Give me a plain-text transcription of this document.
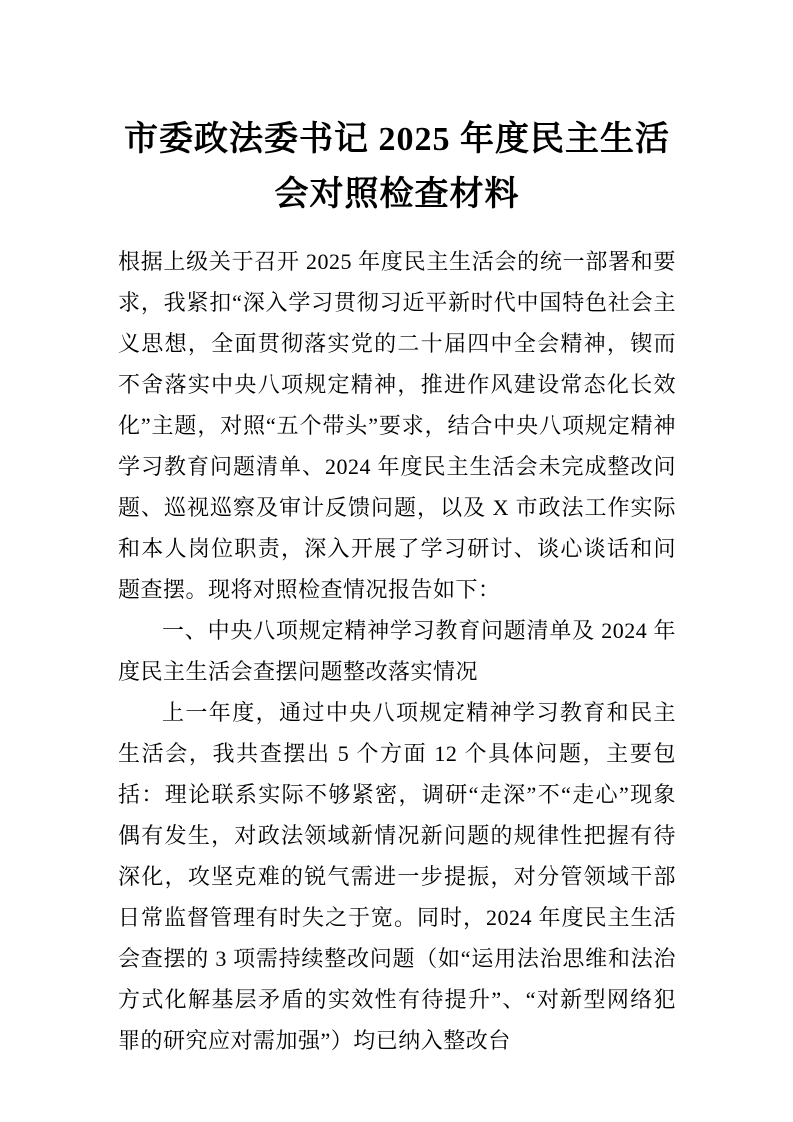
市委政法委书记 2025 年度民主生活会对照检查材料

根据上级关于召开 2025 年度民主生活会的统一部署和要求，我紧扣“深入学习贯彻习近平新时代中国特色社会主义思想，全面贯彻落实党的二十届四中全会精神，锲而不舍落实中央八项规定精神，推进作风建设常态化长效化”主题，对照“五个带头”要求，结合中央八项规定精神学习教育问题清单、2024 年度民主生活会未完成整改问题、巡视巡察及审计反馈问题，以及 X 市政法工作实际和本人岗位职责，深入开展了学习研讨、谈心谈话和问题查摆。现将对照检查情况报告如下：

一、中央八项规定精神学习教育问题清单及 2024 年度民主生活会查摆问题整改落实情况

上一年度，通过中央八项规定精神学习教育和民主生活会，我共查摆出 5 个方面 12 个具体问题，主要包括：理论联系实际不够紧密，调研“走深”不“走心”现象偶有发生，对政法领域新情况新问题的规律性把握有待深化，攻坚克难的锐气需进一步提振，对分管领域干部日常监督管理有时失之于宽。同时，2024 年度民主生活会查摆的 3 项需持续整改问题（如“运用法治思维和法治方式化解基层矛盾的实效性有待提升”、“对新型网络犯罪的研究应对需加强”）均已纳入整改台
